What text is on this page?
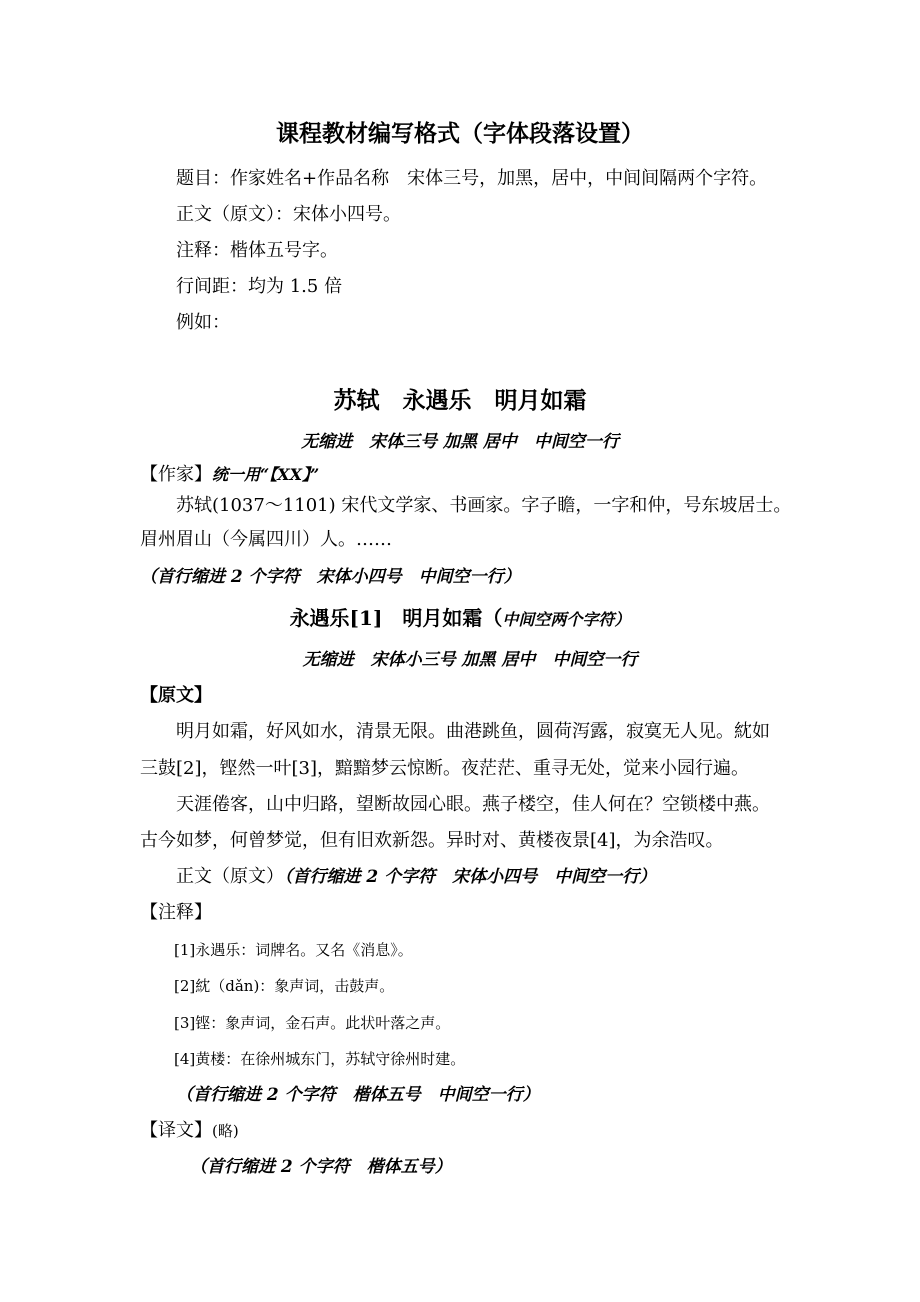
课程教材编写格式（字体段落设置）
题目：作家姓名+作品名称　宋体三号，加黑，居中，中间间隔两个字符。
正文（原文）：宋体小四号。
注释：楷体五号字。
行间距：均为 1.5 倍
例如：
苏轼　永遇乐　明月如霜
无缩进　宋体三号 加黑 居中　中间空一行
【作家】统一用“【XX】”
苏轼(1037～1101) 宋代文学家、书画家。字子瞻，一字和仲，号东坡居士。
眉州眉山（今属四川）人。……
（首行缩进 2 个字符　宋体小四号　中间空一行）
永遇乐[1]　明月如霜（中间空两个字符）
无缩进　宋体小三号 加黑 居中　中间空一行
【原文】
明月如霜，好风如水，清景无限。曲港跳鱼，圆荷泻露，寂寞无人见。紞如
三鼓[2]，铿然一叶[3]，黯黯梦云惊断。夜茫茫、重寻无处，觉来小园行遍。
天涯倦客，山中归路，望断故园心眼。燕子楼空，佳人何在？空锁楼中燕。
古今如梦，何曾梦觉，但有旧欢新怨。异时对、黄楼夜景[4]，为余浩叹。
正文（原文）（首行缩进 2 个字符　宋体小四号　中间空一行）
【注释】
[1]永遇乐：词牌名。又名《消息》。
[2]紞（dǎn)：象声词，击鼓声。
[3]铿：象声词，金石声。此状叶落之声。
[4]黄楼：在徐州城东门，苏轼守徐州时建。
（首行缩进 2 个字符　楷体五号　中间空一行）
【译文】(略)
（首行缩进 2 个字符　楷体五号）
